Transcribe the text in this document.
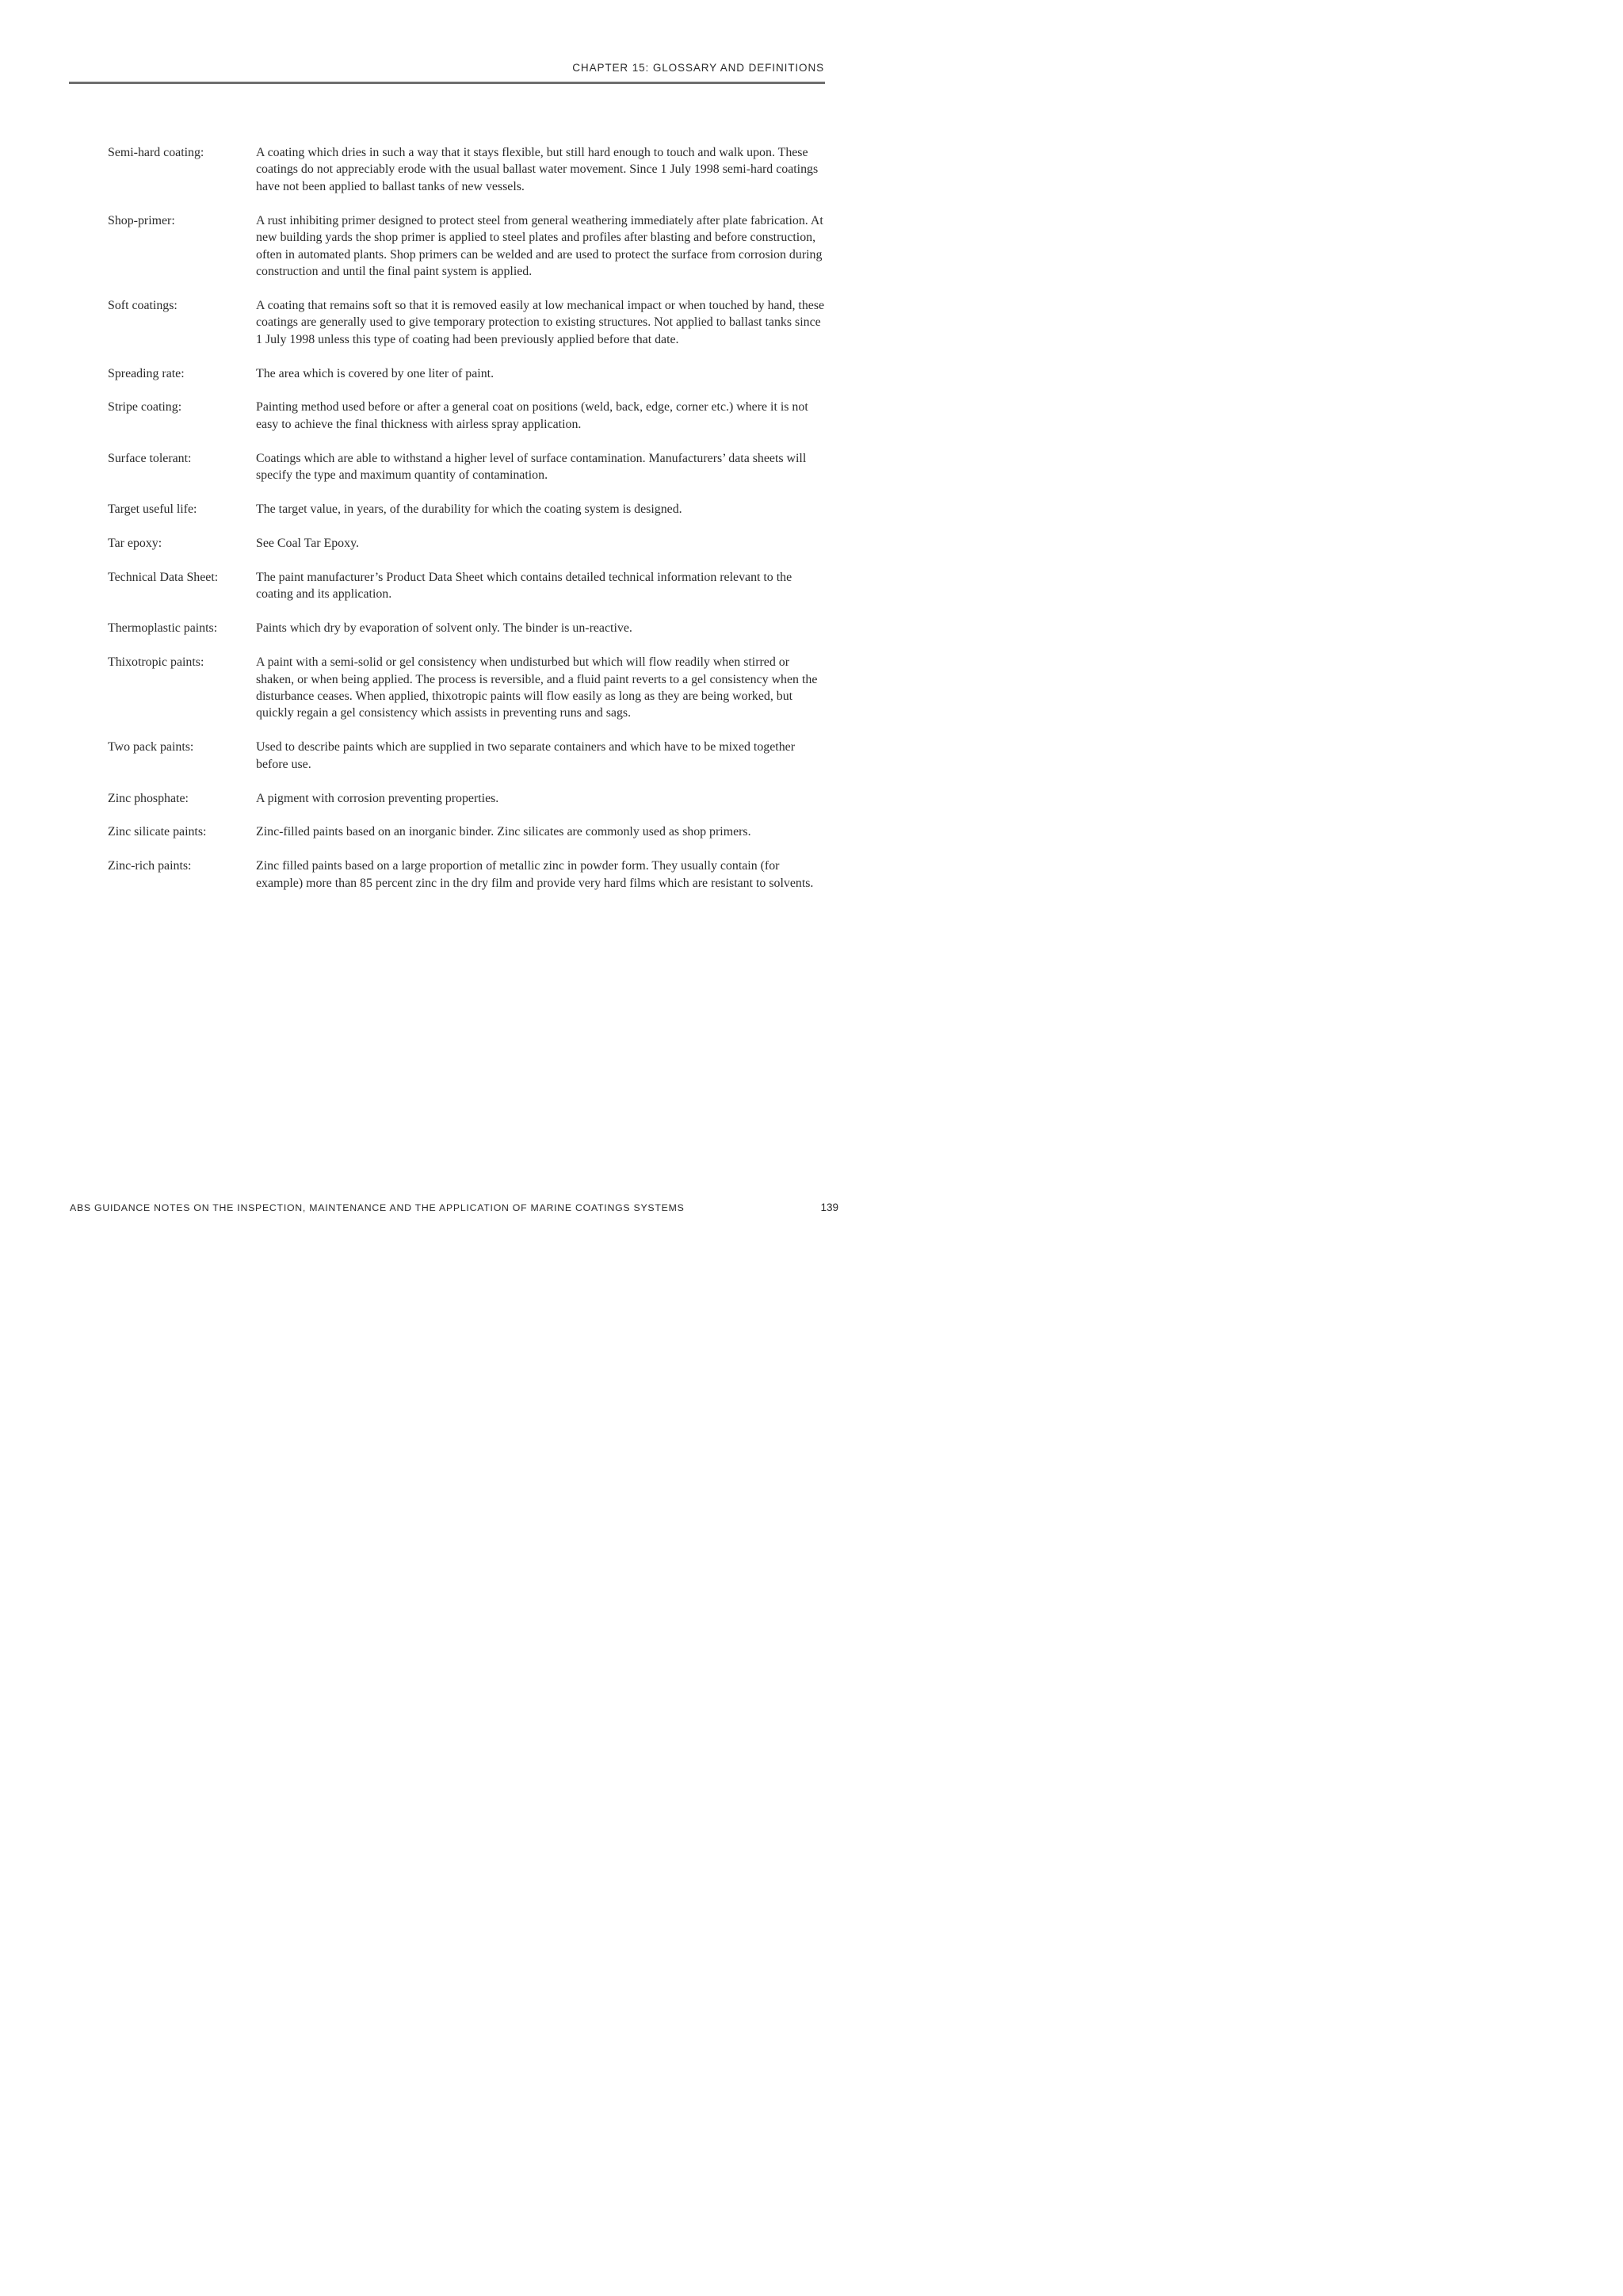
CHAPTER 15: GLOSSARY AND DEFINITIONS
Semi-hard coating:	A coating which dries in such a way that it stays flexible, but still hard enough to touch and walk upon. These coatings do not appreciably erode with the usual ballast water movement. Since 1 July 1998 semi-hard coatings have not been applied to ballast tanks of new vessels.
Shop-primer:	A rust inhibiting primer designed to protect steel from general weathering immediately after plate fabrication. At new building yards the shop primer is applied to steel plates and profiles after blasting and before construction, often in automated plants. Shop primers can be welded and are used to protect the surface from corrosion during construction and until the final paint system is applied.
Soft coatings:	A coating that remains soft so that it is removed easily at low mechanical impact or when touched by hand, these coatings are generally used to give temporary protection to existing structures. Not applied to ballast tanks since 1 July 1998 unless this type of coating had been previously applied before that date.
Spreading rate:	The area which is covered by one liter of paint.
Stripe coating:	Painting method used before or after a general coat on positions (weld, back, edge, corner etc.) where it is not easy to achieve the final thickness with airless spray application.
Surface tolerant:	Coatings which are able to withstand a higher level of surface contamination. Manufacturers’ data sheets will specify the type and maximum quantity of contamination.
Target useful life:	The target value, in years, of the durability for which the coating system is designed.
Tar epoxy:	See Coal Tar Epoxy.
Technical Data Sheet:	The paint manufacturer’s Product Data Sheet which contains detailed technical information relevant to the coating and its application.
Thermoplastic paints:	Paints which dry by evaporation of solvent only. The binder is un-reactive.
Thixotropic paints:	A paint with a semi-solid or gel consistency when undisturbed but which will flow readily when stirred or shaken, or when being applied. The process is reversible, and a fluid paint reverts to a gel consistency when the disturbance ceases. When applied, thixotropic paints will flow easily as long as they are being worked, but quickly regain a gel consistency which assists in preventing runs and sags.
Two pack paints:	Used to describe paints which are supplied in two separate containers and which have to be mixed together before use.
Zinc phosphate:	A pigment with corrosion preventing properties.
Zinc silicate paints:	Zinc-filled paints based on an inorganic binder. Zinc silicates are commonly used as shop primers.
Zinc-rich paints:	Zinc filled paints based on a large proportion of metallic zinc in powder form. They usually contain (for example) more than 85 percent zinc in the dry film and provide very hard films which are resistant to solvents.
ABS GUIDANCE NOTES ON THE INSPECTION, MAINTENANCE AND THE APPLICATION OF MARINE COATINGS SYSTEMS	139
